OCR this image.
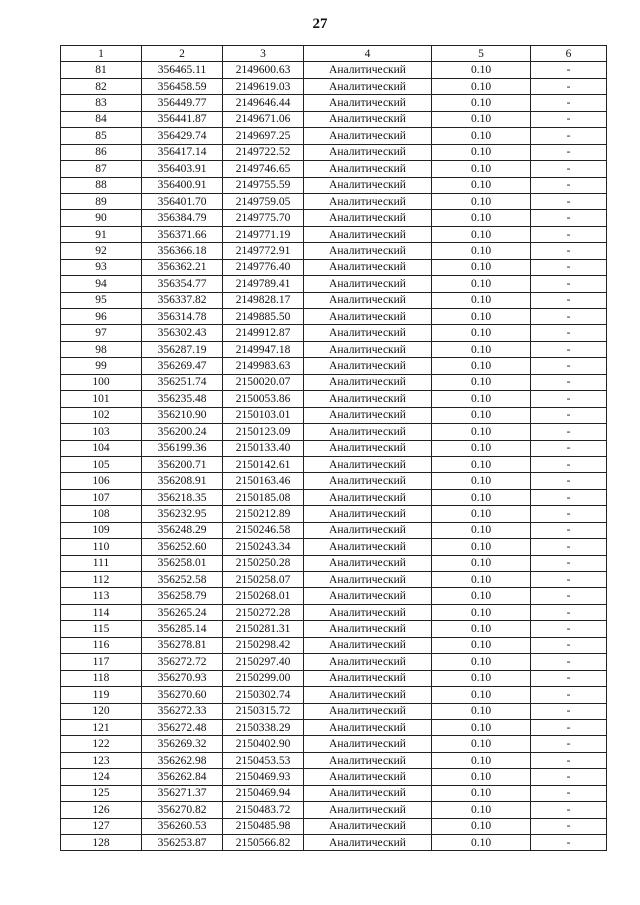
27
1	2	3	4	5	6
81	356465.11	2149600.63	Аналитический	0.10	-
82	356458.59	2149619.03	Аналитический	0.10	-
83	356449.77	2149646.44	Аналитический	0.10	-
84	356441.87	2149671.06	Аналитический	0.10	-
85	356429.74	2149697.25	Аналитический	0.10	-
86	356417.14	2149722.52	Аналитический	0.10	-
87	356403.91	2149746.65	Аналитический	0.10	-
88	356400.91	2149755.59	Аналитический	0.10	-
89	356401.70	2149759.05	Аналитический	0.10	-
90	356384.79	2149775.70	Аналитический	0.10	-
91	356371.66	2149771.19	Аналитический	0.10	-
92	356366.18	2149772.91	Аналитический	0.10	-
93	356362.21	2149776.40	Аналитический	0.10	-
94	356354.77	2149789.41	Аналитический	0.10	-
95	356337.82	2149828.17	Аналитический	0.10	-
96	356314.78	2149885.50	Аналитический	0.10	-
97	356302.43	2149912.87	Аналитический	0.10	-
98	356287.19	2149947.18	Аналитический	0.10	-
99	356269.47	2149983.63	Аналитический	0.10	-
100	356251.74	2150020.07	Аналитический	0.10	-
101	356235.48	2150053.86	Аналитический	0.10	-
102	356210.90	2150103.01	Аналитический	0.10	-
103	356200.24	2150123.09	Аналитический	0.10	-
104	356199.36	2150133.40	Аналитический	0.10	-
105	356200.71	2150142.61	Аналитический	0.10	-
106	356208.91	2150163.46	Аналитический	0.10	-
107	356218.35	2150185.08	Аналитический	0.10	-
108	356232.95	2150212.89	Аналитический	0.10	-
109	356248.29	2150246.58	Аналитический	0.10	-
110	356252.60	2150243.34	Аналитический	0.10	-
111	356258.01	2150250.28	Аналитический	0.10	-
112	356252.58	2150258.07	Аналитический	0.10	-
113	356258.79	2150268.01	Аналитический	0.10	-
114	356265.24	2150272.28	Аналитический	0.10	-
115	356285.14	2150281.31	Аналитический	0.10	-
116	356278.81	2150298.42	Аналитический	0.10	-
117	356272.72	2150297.40	Аналитический	0.10	-
118	356270.93	2150299.00	Аналитический	0.10	-
119	356270.60	2150302.74	Аналитический	0.10	-
120	356272.33	2150315.72	Аналитический	0.10	-
121	356272.48	2150338.29	Аналитический	0.10	-
122	356269.32	2150402.90	Аналитический	0.10	-
123	356262.98	2150453.53	Аналитический	0.10	-
124	356262.84	2150469.93	Аналитический	0.10	-
125	356271.37	2150469.94	Аналитический	0.10	-
126	356270.82	2150483.72	Аналитический	0.10	-
127	356260.53	2150485.98	Аналитический	0.10	-
128	356253.87	2150566.82	Аналитический	0.10	-
